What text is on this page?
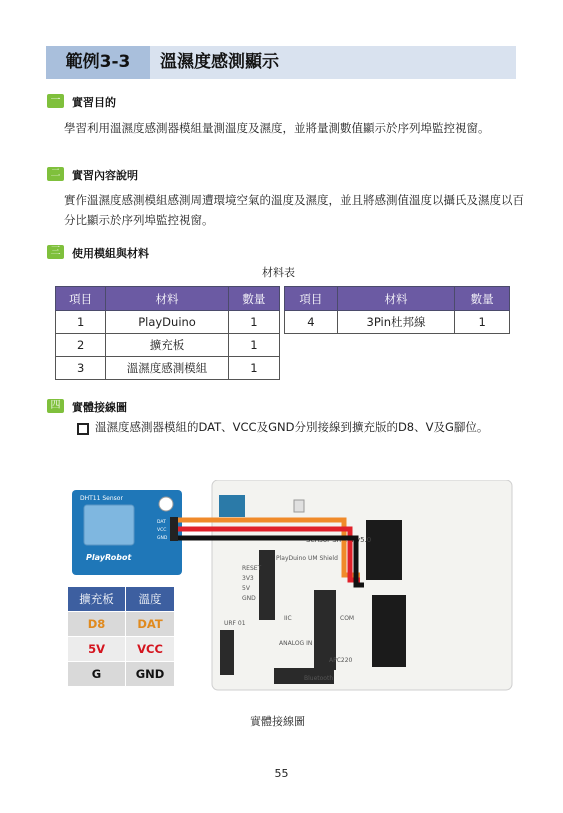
範例3-3	溫濕度感測顯示
一	實習目的
學習利用溫濕度感測器模組量測溫度及濕度，並將量測數值顯示於序列埠監控視窗。
二	實習內容說明
實作溫濕度感測模組感測周遭環境空氣的溫度及濕度，並且將感測值溫度以攝氏及濕度以百分比顯示於序列埠監控視窗。
三	使用模組與材料
材料表
項目	材料	數量
1	PlayDuino	1
2	擴充板	1
3	溫濕度感測模組	1
項目	材料	數量
4	3Pin杜邦線	1
四	實體接線圖
溫濕度感測器模組的DAT、VCC及GND分別接線到擴充版的D8、V及G腳位。
RESET
3V3
5V
GND
ANALOG IN
PlayDuino UM Shield
Sensor Shield v5.0
IIC	COM
APC220
Bluetooth
URF 01
DHT11 Sensor
PlayRobot
DAT
VCC
GND
擴充板	溫度
D8	DAT
5V	VCC
G	GND
實體接線圖
55
